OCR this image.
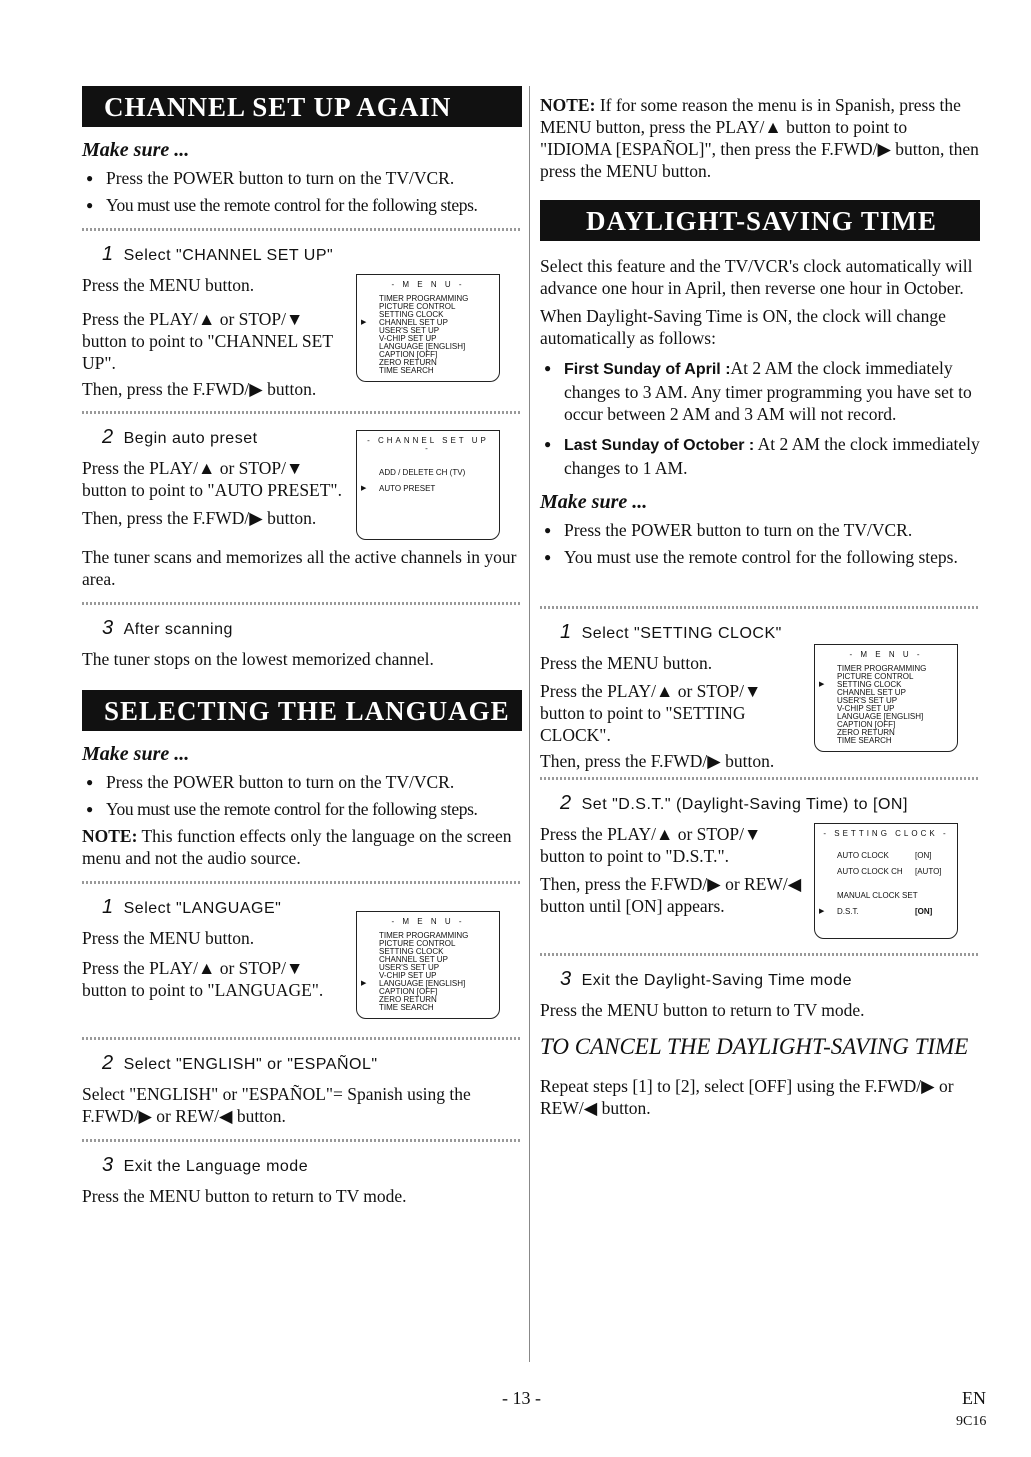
CHANNEL SET UP AGAIN
Make sure ...
● Press the POWER button to turn on the TV/VCR.
● You must use the remote control for the following steps.
1 Select "CHANNEL SET UP"
Press the MENU button.
Press the PLAY/▲ or STOP/▼ button to point to "CHANNEL SET UP".
Then, press the F.FWD/▶ button.
- M E N U -
TIMER PROGRAMMING
PICTURE CONTROL
SETTING CLOCK
▶ CHANNEL SET UP
USER'S SET UP
V-CHIP SET UP
LANGUAGE [ENGLISH]
CAPTION [OFF]
ZERO RETURN
TIME SEARCH
2 Begin auto preset
Press the PLAY/▲ or STOP/▼ button to point to "AUTO PRESET".
Then, press the F.FWD/▶ button.
- CHANNEL SET UP -
ADD / DELETE CH (TV)
▶ AUTO PRESET
The tuner scans and memorizes all the active channels in your area.
3 After scanning
The tuner stops on the lowest memorized channel.
SELECTING THE LANGUAGE
Make sure ...
● Press the POWER button to turn on the TV/VCR.
● You must use the remote control for the following steps.
NOTE: This function effects only the language on the screen menu and not the audio source.
1 Select "LANGUAGE"
Press the MENU button.
Press the PLAY/▲ or STOP/▼ button to point to "LANGUAGE".
- M E N U -
TIMER PROGRAMMING
PICTURE CONTROL
SETTING CLOCK
CHANNEL SET UP
USER'S SET UP
V-CHIP SET UP
▶ LANGUAGE [ENGLISH]
CAPTION [OFF]
ZERO RETURN
TIME SEARCH
2 Select "ENGLISH" or "ESPAÑOL"
Select "ENGLISH" or "ESPAÑOL"= Spanish using the F.FWD/▶ or REW/◀ button.
3 Exit the Language mode
Press the MENU button to return to TV mode.
NOTE: If for some reason the menu is in Spanish, press the MENU button, press the PLAY/▲ button to point to "IDIOMA [ESPAÑOL]", then press the F.FWD/▶ button, then press the MENU button.
DAYLIGHT-SAVING TIME
Select this feature and the TV/VCR's clock automatically will advance one hour in April, then reverse one hour in October.
When Daylight-Saving Time is ON, the clock will change automatically as follows:
● First Sunday of April :At 2 AM the clock immediately changes to 3 AM. Any timer programming you have set to occur between 2 AM and 3 AM will not record.
● Last Sunday of October : At 2 AM the clock immediately changes to 1 AM.
Make sure ...
● Press the POWER button to turn on the TV/VCR.
● You must use the remote control for the following steps.
1 Select "SETTING CLOCK"
Press the MENU button.
Press the PLAY/▲ or STOP/▼ button to point to "SETTING CLOCK".
Then, press the F.FWD/▶ button.
- M E N U -
TIMER PROGRAMMING
PICTURE CONTROL
▶ SETTING CLOCK
CHANNEL SET UP
USER'S SET UP
V-CHIP SET UP
LANGUAGE [ENGLISH]
CAPTION [OFF]
ZERO RETURN
TIME SEARCH
2 Set "D.S.T." (Daylight-Saving Time) to [ON]
Press the PLAY/▲ or STOP/▼ button to point to "D.S.T.".
Then, press the F.FWD/▶ or REW/◀ button until [ON] appears.
- SETTING CLOCK -
AUTO CLOCK	[ON]
AUTO CLOCK CH [AUTO]
MANUAL CLOCK SET
▶ D.S.T.	[ON]
3 Exit the Daylight-Saving Time mode
Press the MENU button to return to TV mode.
TO CANCEL THE DAYLIGHT-SAVING TIME
Repeat steps [1] to [2], select [OFF] using the F.FWD/▶ or REW/◀ button.
- 13 -	EN
9C16
